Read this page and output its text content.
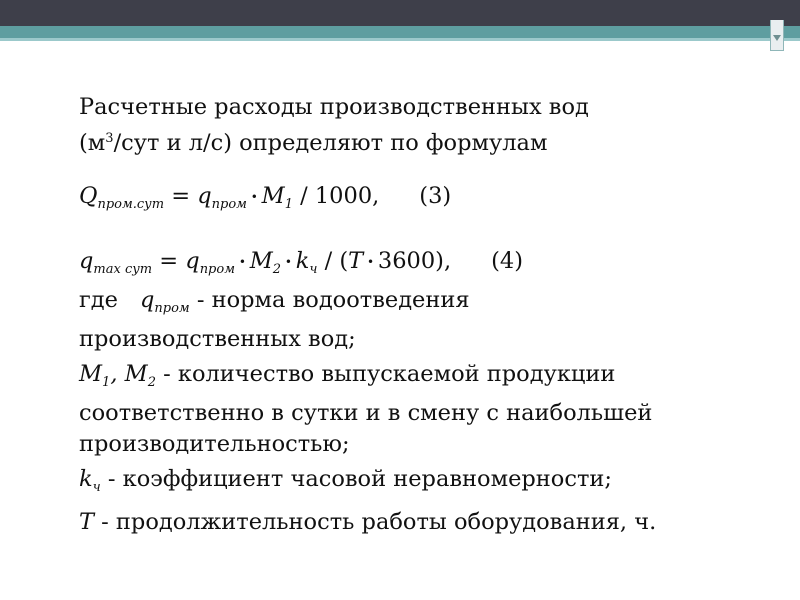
Расчетные расходы производственных вод
($м^3$/сут и л/с) определяют по формулам
$Q_{пром.сут} = q_{пром}$ • $M_1 / 1000$, (3)
$q_{max сут} = q_{пром}$ • $M_2$ • $k_ч / (T$ • 3600), (4)
где $q_{пром}$ - норма водоотведения
производственных вод;
$M_1$, $M_2$ - количество выпускаемой продукции
соответственно в сутки и в смену с наибольшей
производительностью;
$k_ч$ - коэффициент часовой неравномерности;
T - продолжительность работы оборудования, ч.
